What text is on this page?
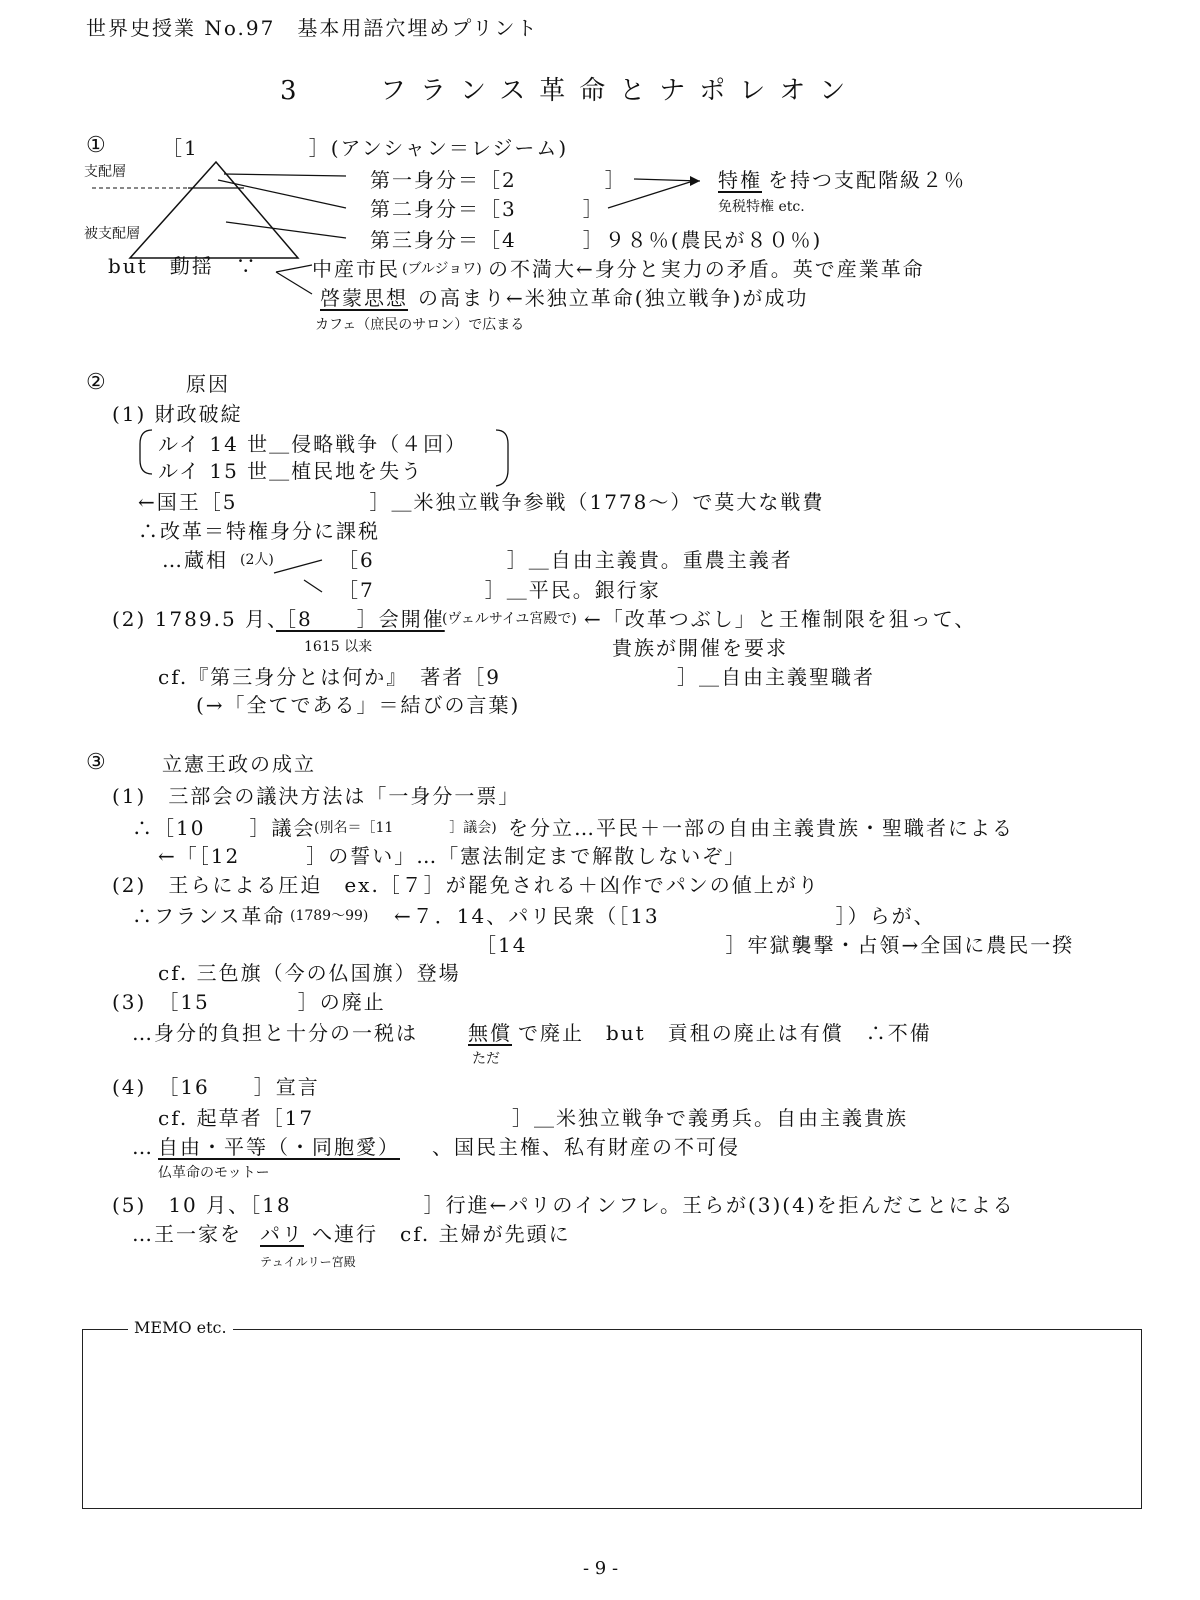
世界史授業 No.97　基本用語穴埋めプリント
3	フランス革命とナポレオン
①	［1　　　　　］(アンシャン＝レジーム)
支配層
被支配層
第一身分＝［2　　　　］	特権 を持つ支配階級２％
免税特権 etc.
第二身分＝［3　　　］
第三身分＝［4　　　］９８％(農民が８０％)
but　動揺　∵	中産市民 (ブルジョワ) の不満大←身分と実力の矛盾。英で産業革命
啓蒙思想 の高まり←米独立革命(独立戦争)が成功
カフェ（庶民のサロン）で広まる
②	原因
(1) 財政破綻
ルイ 14 世＿侵略戦争（４回）
ルイ 15 世＿植民地を失う
←国王［5　　　　　　］＿米独立戦争参戦（1778～）で莫大な戦費
∴改革＝特権身分に課税
…蔵相 (2人)	［6　　　　　　］＿自由主義貴。重農主義者
［7　　　　　］＿平民。銀行家
(2) 1789.5 月、
［8　　］会開催
(ヴェルサイユ宮殿で) ←「改革つぶし」と王権制限を狙って、
1615 以来	貴族が開催を要求
cf.『第三身分とは何か』　著者［9　　　　　　　　］＿自由主義聖職者
(→「全てである」＝結びの言葉)
③	立憲王政の成立
(1)　三部会の議決方法は「一身分一票」
∴［10　　］議会
(別名＝［11　　　　］議会) を分立…平民＋一部の自由主義貴族・聖職者による
←「［12　　　］の誓い」…「憲法制定まで解散しないぞ」
(2)　王らによる圧迫　ex.［７］が罷免される＋凶作でパンの値上がり
∴フランス革命 (1789～99) ←７．14、パリ民衆（［13　　　　　　　　］）らが、
［14　　　　　　　　　］牢獄襲撃・占領→全国に農民一揆
cf. 三色旗（今の仏国旗）登場
(3)　［15　　　　］の廃止
…身分的負担と十分の一税は	無償 で廃止　but　貢租の廃止は有償　∴不備
ただ
(4)　［16　　］宣言
cf. 起草者［17　　　　　　　　　］＿米独立戦争で義勇兵。自由主義貴族
… 自由・平等（・同胞愛） 、国民主権、私有財産の不可侵
仏革命のモットー
(5)　10 月、［18　　　　　　］行進←パリのインフレ。王らが(3)(4)を拒んだことによる
…王一家を パリ へ連行　cf. 主婦が先頭に
テュイルリー宮殿
MEMO etc.
- 9 -
